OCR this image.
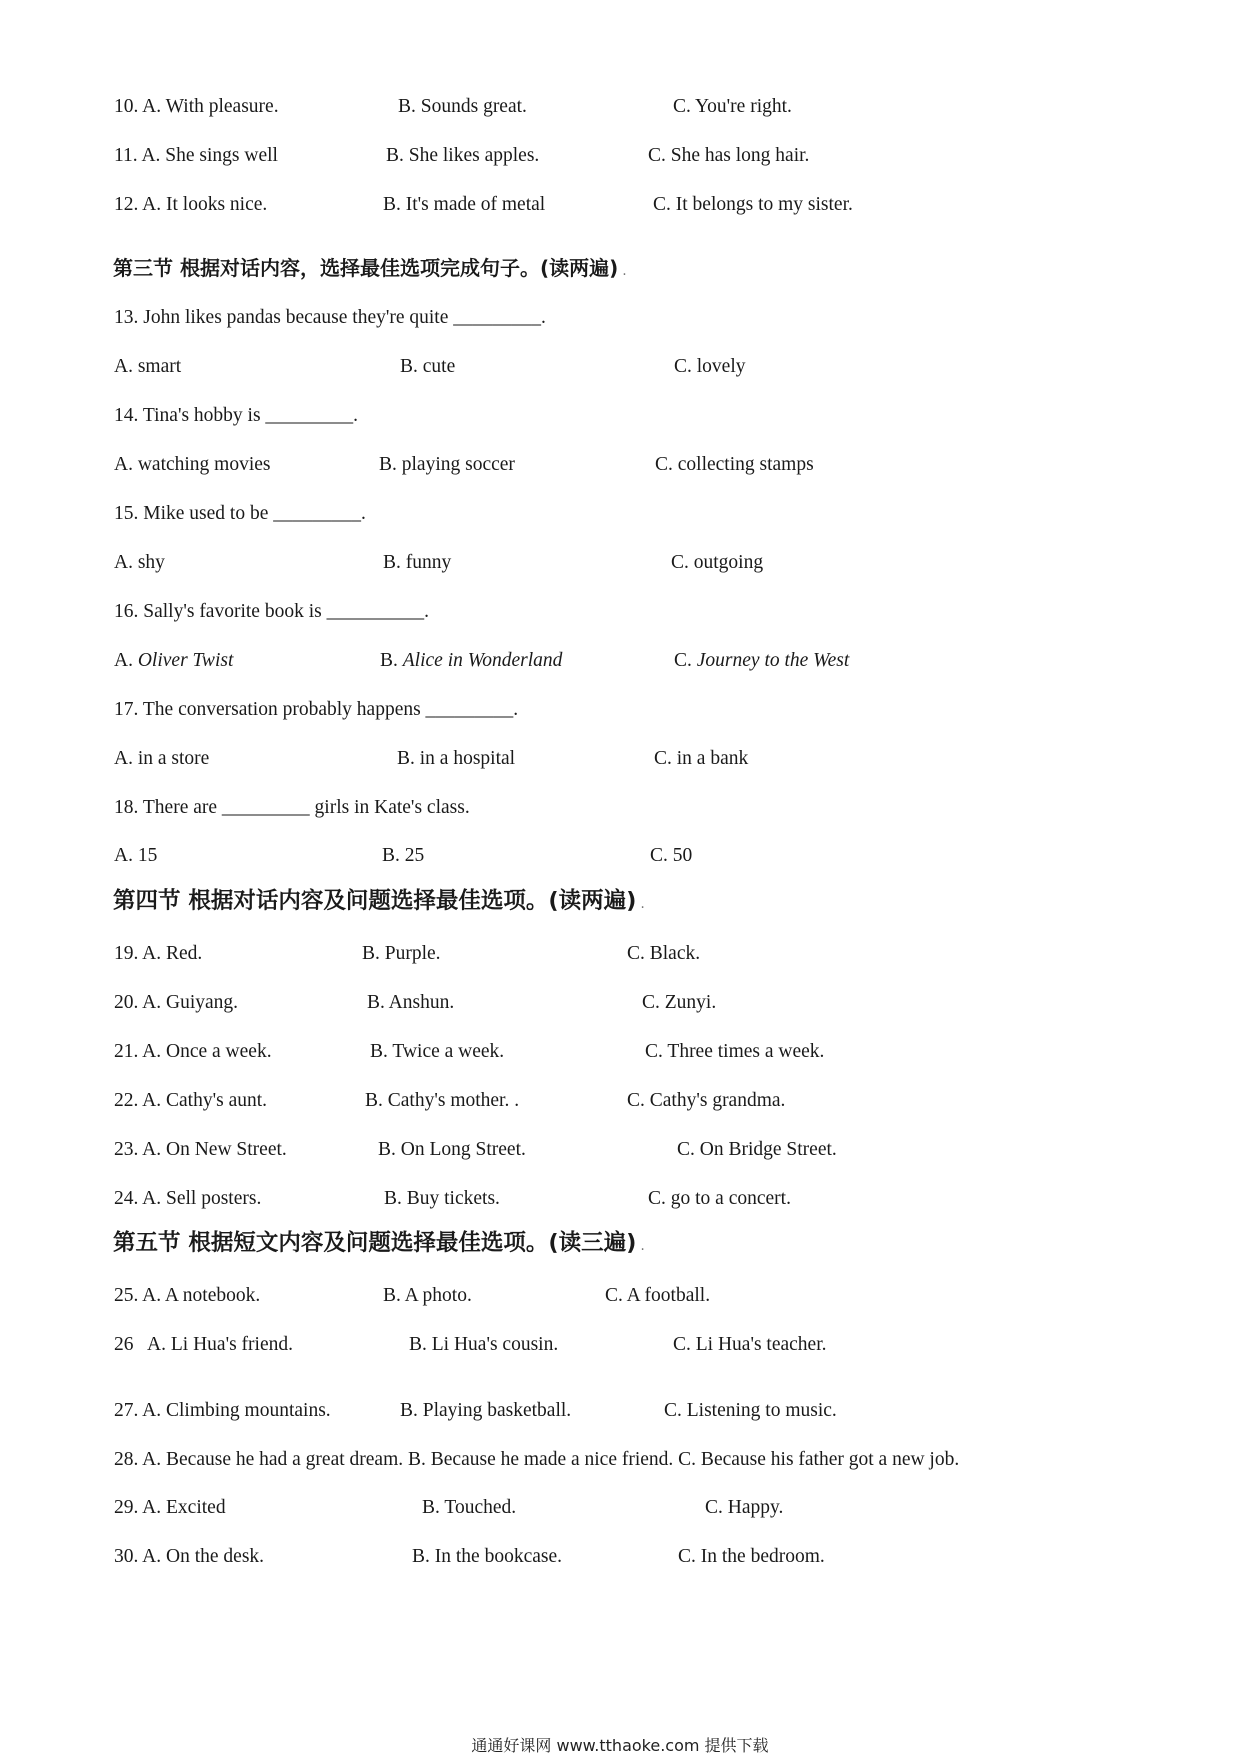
10. A. With pleasure.	B. Sounds great.	C. You're right.
11. A. She sings well	B. She likes apples.	C. She has long hair.
12. A. It looks nice.	B. It's made of metal	C. It belongs to my sister.
第三节 根据对话内容，选择最佳选项完成句子。(读两遍) .
13. John likes pandas because they're quite _________.
A. smart	B. cute	C. lovely
14. Tina's hobby is _________.
A. watching movies	B. playing soccer	C. collecting stamps
15. Mike used to be _________.
A. shy	B. funny	C. outgoing
16. Sally's favorite book is __________.
A. Oliver Twist	B. Alice in Wonderland	C. Journey to the West
17. The conversation probably happens _________.
A. in a store	B. in a hospital	C. in a bank
18. There are _________ girls in Kate's class.
A. 15	B. 25	C. 50
第四节 根据对话内容及问题选择最佳选项。(读两遍) .
19. A. Red.	B. Purple.	C. Black.
20. A. Guiyang.	B. Anshun.	C. Zunyi.
21. A. Once a week.	B. Twice a week.	C. Three times a week.
22. A. Cathy's aunt.	B. Cathy's mother. .	C. Cathy's grandma.
23. A. On New Street.	B. On Long Street.	C. On Bridge Street.
24. A. Sell posters.	B. Buy tickets.	C. go to a concert.
第五节 根据短文内容及问题选择最佳选项。(读三遍) .
25. A. A notebook.	B. A photo.	C. A football.
26   A. Li Hua's friend.	B. Li Hua's cousin.	C. Li Hua's teacher.
27. A. Climbing mountains.	B. Playing basketball.	C. Listening to music.
28. A. Because he had a great dream. B. Because he made a nice friend. C. Because his father got a new job.
29. A. Excited	B. Touched.	C. Happy.
30. A. On the desk.	B. In the bookcase.	C. In the bedroom.
通通好课网 www.tthaoke.com 提供下载
